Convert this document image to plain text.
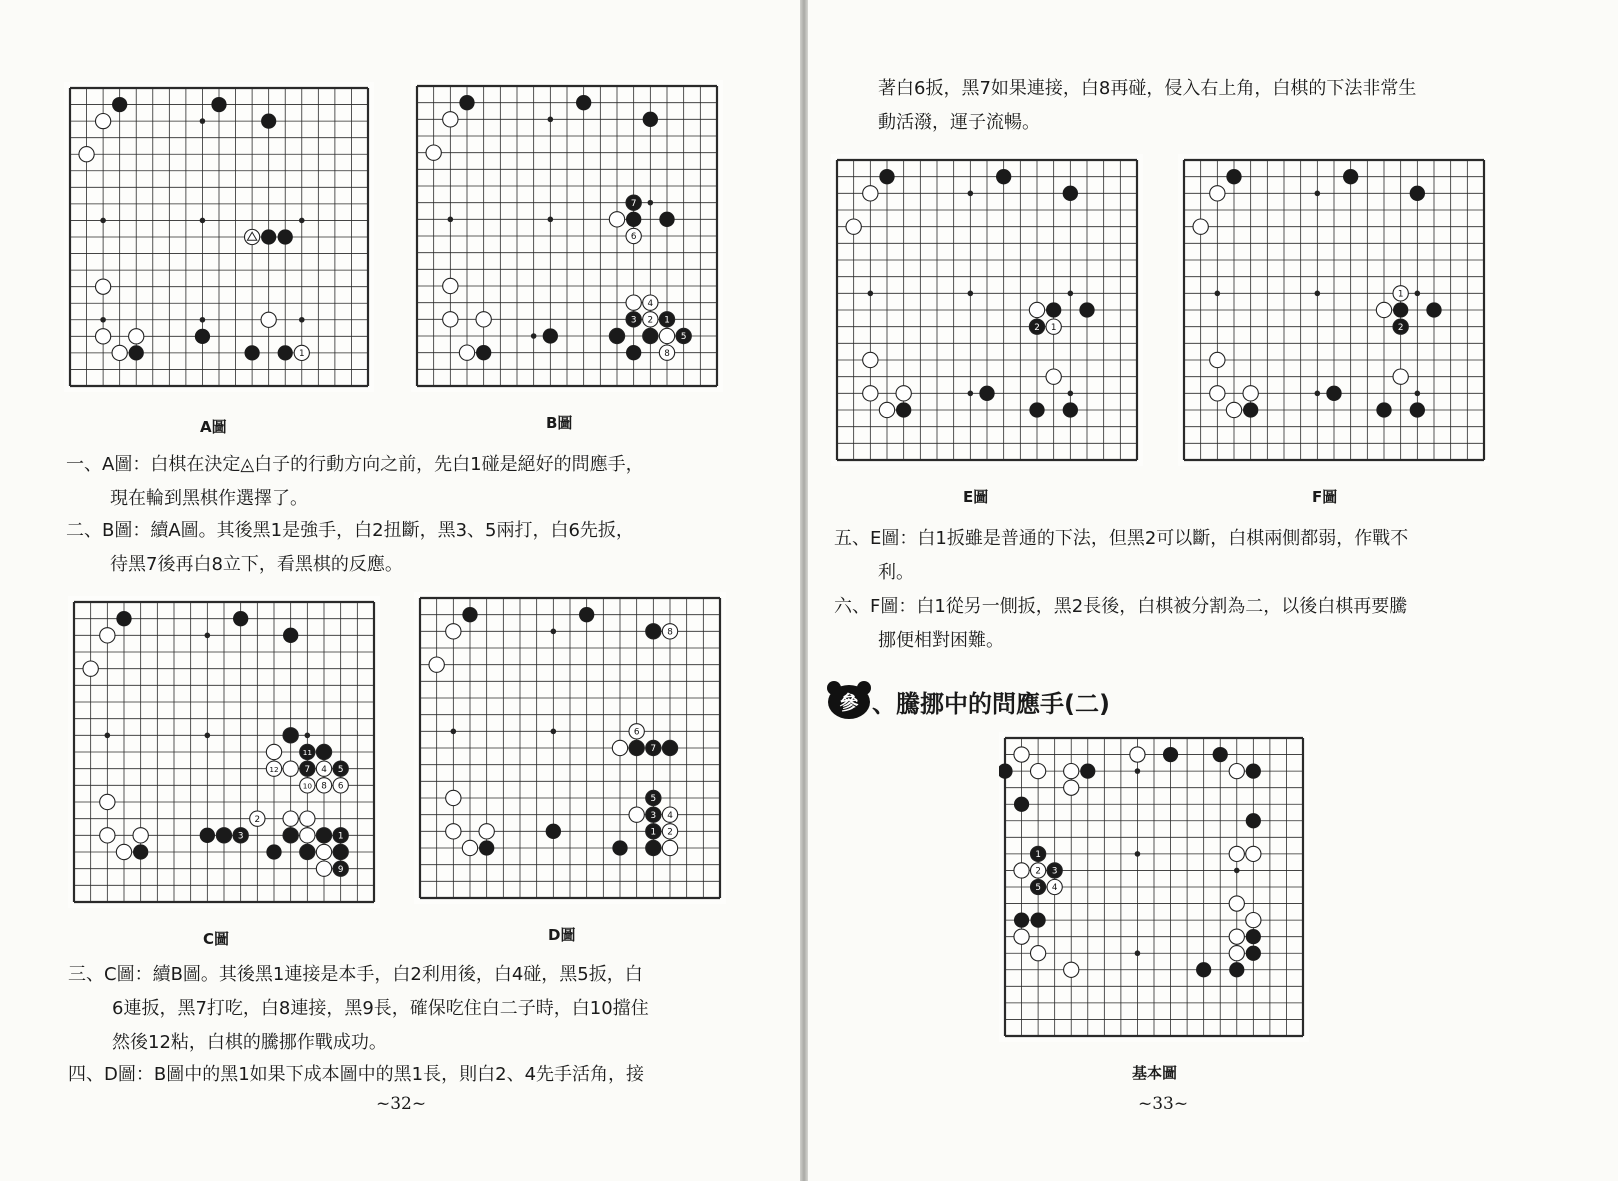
1
A圖
7
6
4
3 2 1
5
8
B圖
一、A圖：白棋在決定◬白子的行動方向之前，先白1碰是絕好的問應手，
現在輪到黑棋作選擇了。
二、B圖：續A圖。其後黑1是強手，白2扭斷，黑3、5兩打，白6先扳，
待黑7後再白8立下，看黑棋的反應。
11
12	7 4 5
10 8 6
2
3	1
9
C圖
8
6
7
5
3 4
1 2
D圖
三、C圖：續B圖。其後黑1連接是本手，白2利用後，白4碰，黑5扳，白
6連扳，黑7打吃，白8連接，黑9長，確保吃住白二子時，白10擋住
然後12粘，白棋的騰挪作戰成功。
四、D圖：B圖中的黑1如果下成本圖中的黑1長，則白2、4先手活角，接
~32~
著白6扳，黑7如果連接，白8再碰，侵入右上角，白棋的下法非常生
動活潑，運子流暢。
2 1
E圖
1
2
F圖
五、E圖：白1扳雖是普通的下法，但黑2可以斷，白棋兩側都弱，作戰不
利。
六、F圖：白1從另一側扳，黑2長後，白棋被分割為二，以後白棋再要騰
挪便相對困難。
參 、騰挪中的問應手(二)
1
2 3
5 4
基本圖
~33~
